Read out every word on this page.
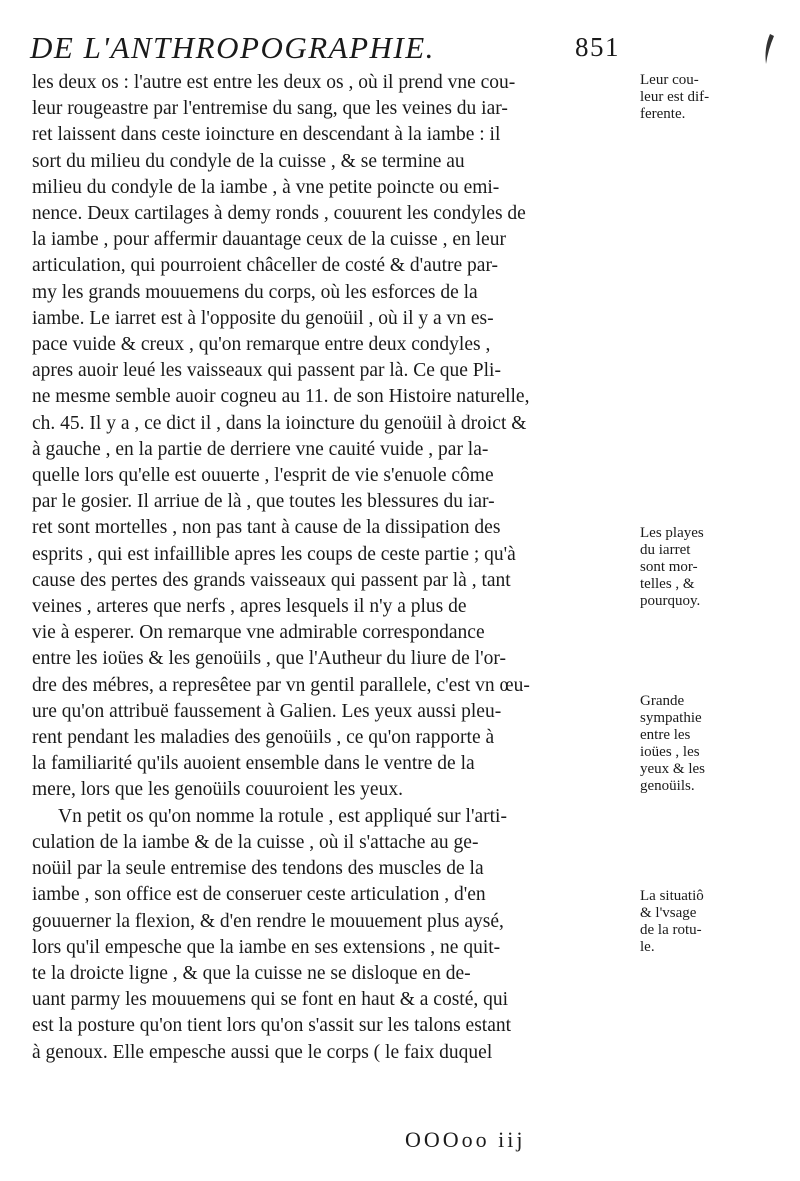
DE L'ANTHROPOGRAPHIE.	851
les deux os : l'autre est entre les deux os , où il prend vne cou-
leur rougeastre par l'entremise du sang, que les veines du iar-
ret laissent dans ceste ioincture en descendant à la iambe : il
sort du milieu du condyle de la cuisse , & se termine au
milieu du condyle de la iambe , à vne petite poincte ou emi-
nence. Deux cartilages à demy ronds , couurent les condyles de
la iambe , pour affermir dauantage ceux de la cuisse , en leur
articulation, qui pourroient châceller de costé & d'autre par-
my les grands mouuemens du corps, où les esforces de la
iambe. Le iarret est à l'opposite du genoüil , où il y a vn es-
pace vuide & creux , qu'on remarque entre deux condyles ,
apres auoir leué les vaisseaux qui passent par là. Ce que Pli-
ne mesme semble auoir cogneu au 11. de son Histoire naturelle,
ch. 45. Il y a , ce dict il , dans la ioincture du genoüil à droict &
à gauche , en la partie de derriere vne cauité vuide , par la-
quelle lors qu'elle est ouuerte , l'esprit de vie s'enuole côme
par le gosier. Il arriue de là , que toutes les blessures du iar-
ret sont mortelles , non pas tant à cause de la dissipation des
esprits , qui est infaillible apres les coups de ceste partie ; qu'à
cause des pertes des grands vaisseaux qui passent par là , tant
veines , arteres que nerfs , apres lesquels il n'y a plus de
vie à esperer. On remarque vne admirable correspondance
entre les ioües & les genoüils , que l'Autheur du liure de l'or-
dre des mébres, a represêtee par vn gentil parallele, c'est vn œu-
ure qu'on attribuë faussement à Galien. Les yeux aussi pleu-
rent pendant les maladies des genoüils , ce qu'on rapporte à
la familiarité qu'ils auoient ensemble dans le ventre de la
mere, lors que les genoüils couuroient les yeux.
Vn petit os qu'on nomme la rotule , est appliqué sur l'arti-
culation de la iambe & de la cuisse , où il s'attache au ge-
noüil par la seule entremise des tendons des muscles de la
iambe , son office est de conseruer ceste articulation , d'en
gouuerner la flexion, & d'en rendre le mouuement plus aysé,
lors qu'il empesche que la iambe en ses extensions , ne quit-
te la droicte ligne , & que la cuisse ne se disloque en de-
uant parmy les mouuemens qui se font en haut & a costé, qui
est la posture qu'on tient lors qu'on s'assit sur les talons estant
à genoux. Elle empesche aussi que le corps ( le faix duquel
Leur cou-
leur est dif-
ferente.
Les playes
du iarret
sont mor-
telles , &
pourquoy.
Grande
sympathie
entre les
ioües , les
yeux & les
genoüils.
La situatiô
& l'vsage
de la rotu-
le.
OOOoo iij
